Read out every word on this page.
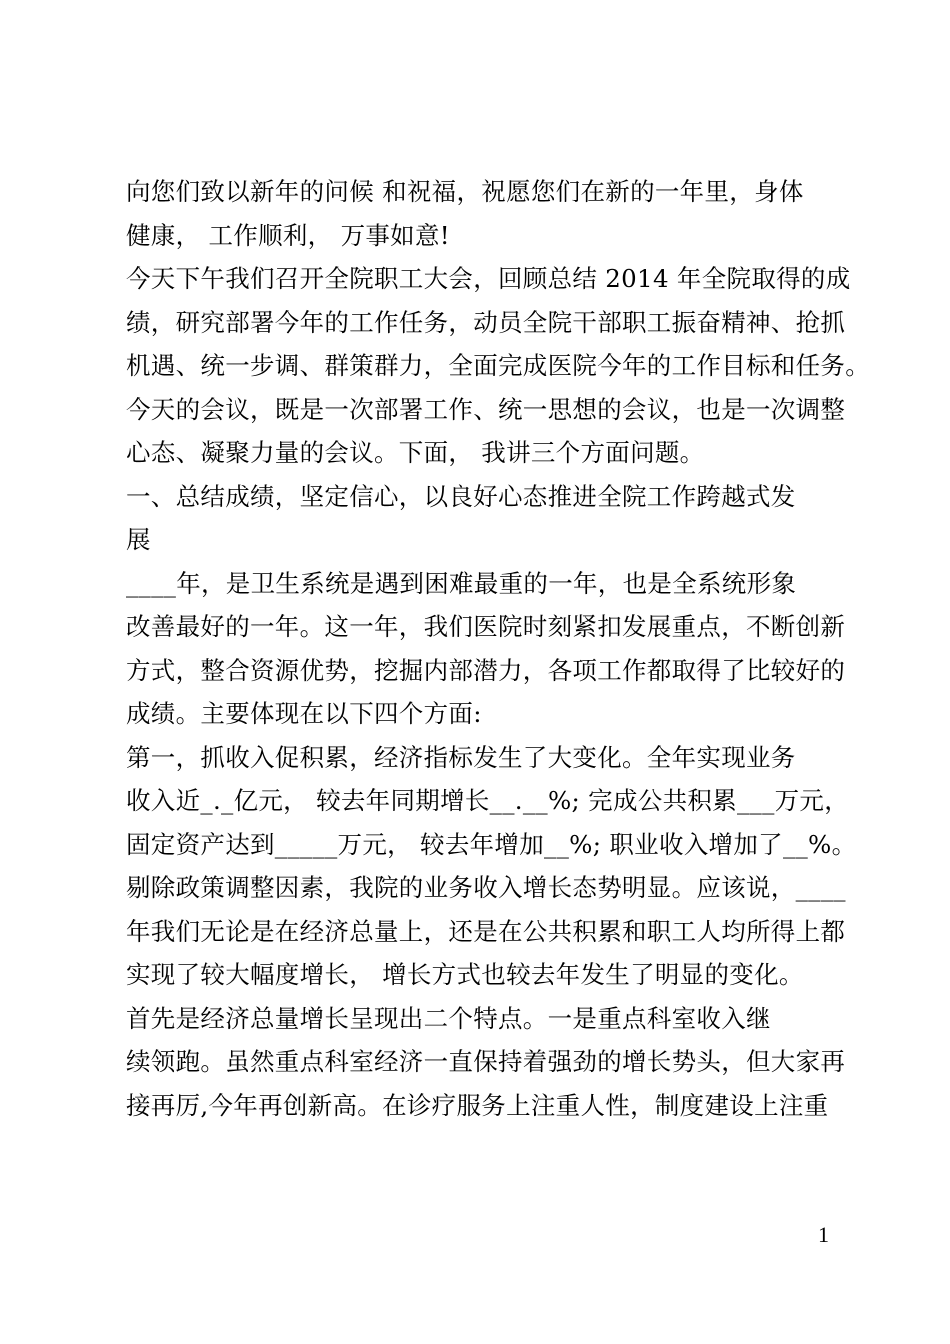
向您们致以新年的问候 和祝福，祝愿您们在新的一年里，身体
健康， 工作顺利， 万事如意!
今天下午我们召开全院职工大会，回顾总结 2014 年全院取得的成
绩，研究部署今年的工作任务，动员全院干部职工振奋精神、抢抓
机遇、统一步调、群策群力，全面完成医院今年的工作目标和任务。
今天的会议，既是一次部署工作、统一思想的会议，也是一次调整
心态、凝聚力量的会议。下面， 我讲三个方面问题。
一、总结成绩，坚定信心，以良好心态推进全院工作跨越式发
展
____年，是卫生系统是遇到困难最重的一年，也是全系统形象
改善最好的一年。这一年，我们医院时刻紧扣发展重点，不断创新
方式，整合资源优势，挖掘内部潜力，各项工作都取得了比较好的
成绩。主要体现在以下四个方面:
第一，抓收入促积累，经济指标发生了大变化。全年实现业务
收入近_._亿元， 较去年同期增长__.__%; 完成公共积累___万元，
固定资产达到_____万元， 较去年增加__%; 职业收入增加了__%。
剔除政策调整因素，我院的业务收入增长态势明显。应该说，____
年我们无论是在经济总量上，还是在公共积累和职工人均所得上都
实现了较大幅度增长， 增长方式也较去年发生了明显的变化。
首先是经济总量增长呈现出二个特点。一是重点科室收入继
续领跑。虽然重点科室经济一直保持着强劲的增长势头，但大家再
接再厉,今年再创新高。在诊疗服务上注重人性，制度建设上注重
1
